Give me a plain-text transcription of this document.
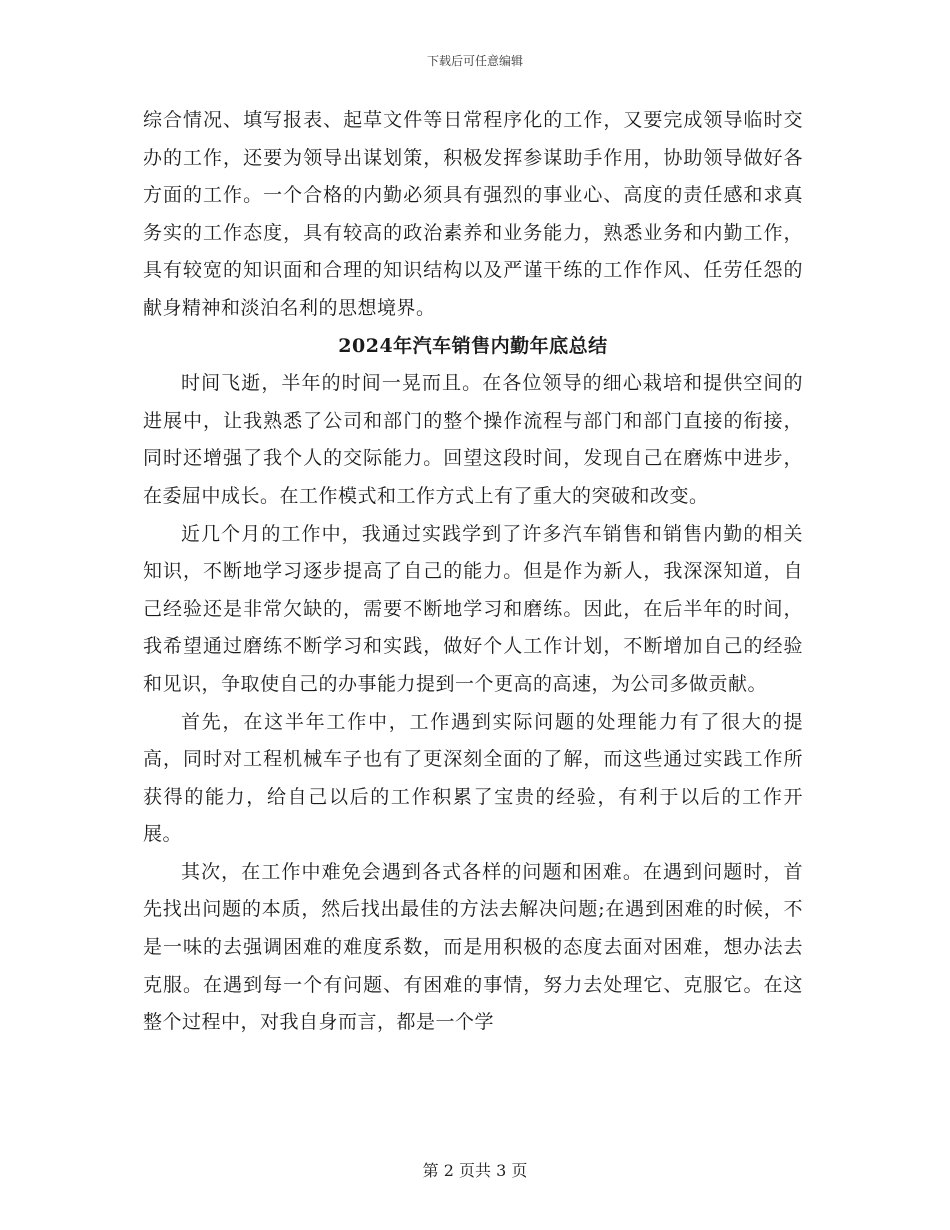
下载后可任意编辑

综合情况、填写报表、起草文件等日常程序化的工作，又要完成领导临时交办的工作，还要为领导出谋划策，积极发挥参谋助手作用，协助领导做好各方面的工作。一个合格的内勤必须具有强烈的事业心、高度的责任感和求真务实的工作态度，具有较高的政治素养和业务能力，熟悉业务和内勤工作，具有较宽的知识面和合理的知识结构以及严谨干练的工作作风、任劳任怨的献身精神和淡泊名利的思想境界。

2024年汽车销售内勤年底总结

时间飞逝，半年的时间一晃而且。在各位领导的细心栽培和提供空间的进展中，让我熟悉了公司和部门的整个操作流程与部门和部门直接的衔接，同时还增强了我个人的交际能力。回望这段时间，发现自己在磨炼中进步，在委屈中成长。在工作模式和工作方式上有了重大的突破和改变。

近几个月的工作中，我通过实践学到了许多汽车销售和销售内勤的相关知识，不断地学习逐步提高了自己的能力。但是作为新人，我深深知道，自己经验还是非常欠缺的，需要不断地学习和磨练。因此，在后半年的时间，我希望通过磨练不断学习和实践，做好个人工作计划，不断增加自己的经验和见识，争取使自己的办事能力提到一个更高的高速，为公司多做贡献。

首先，在这半年工作中，工作遇到实际问题的处理能力有了很大的提高，同时对工程机械车子也有了更深刻全面的了解，而这些通过实践工作所获得的能力，给自己以后的工作积累了宝贵的经验，有利于以后的工作开展。

其次，在工作中难免会遇到各式各样的问题和困难。在遇到问题时，首先找出问题的本质，然后找出最佳的方法去解决问题;在遇到困难的时候，不是一味的去强调困难的难度系数，而是用积极的态度去面对困难，想办法去克服。在遇到每一个有问题、有困难的事情，努力去处理它、克服它。在这整个过程中，对我自身而言，都是一个学

第 2 页共 3 页
